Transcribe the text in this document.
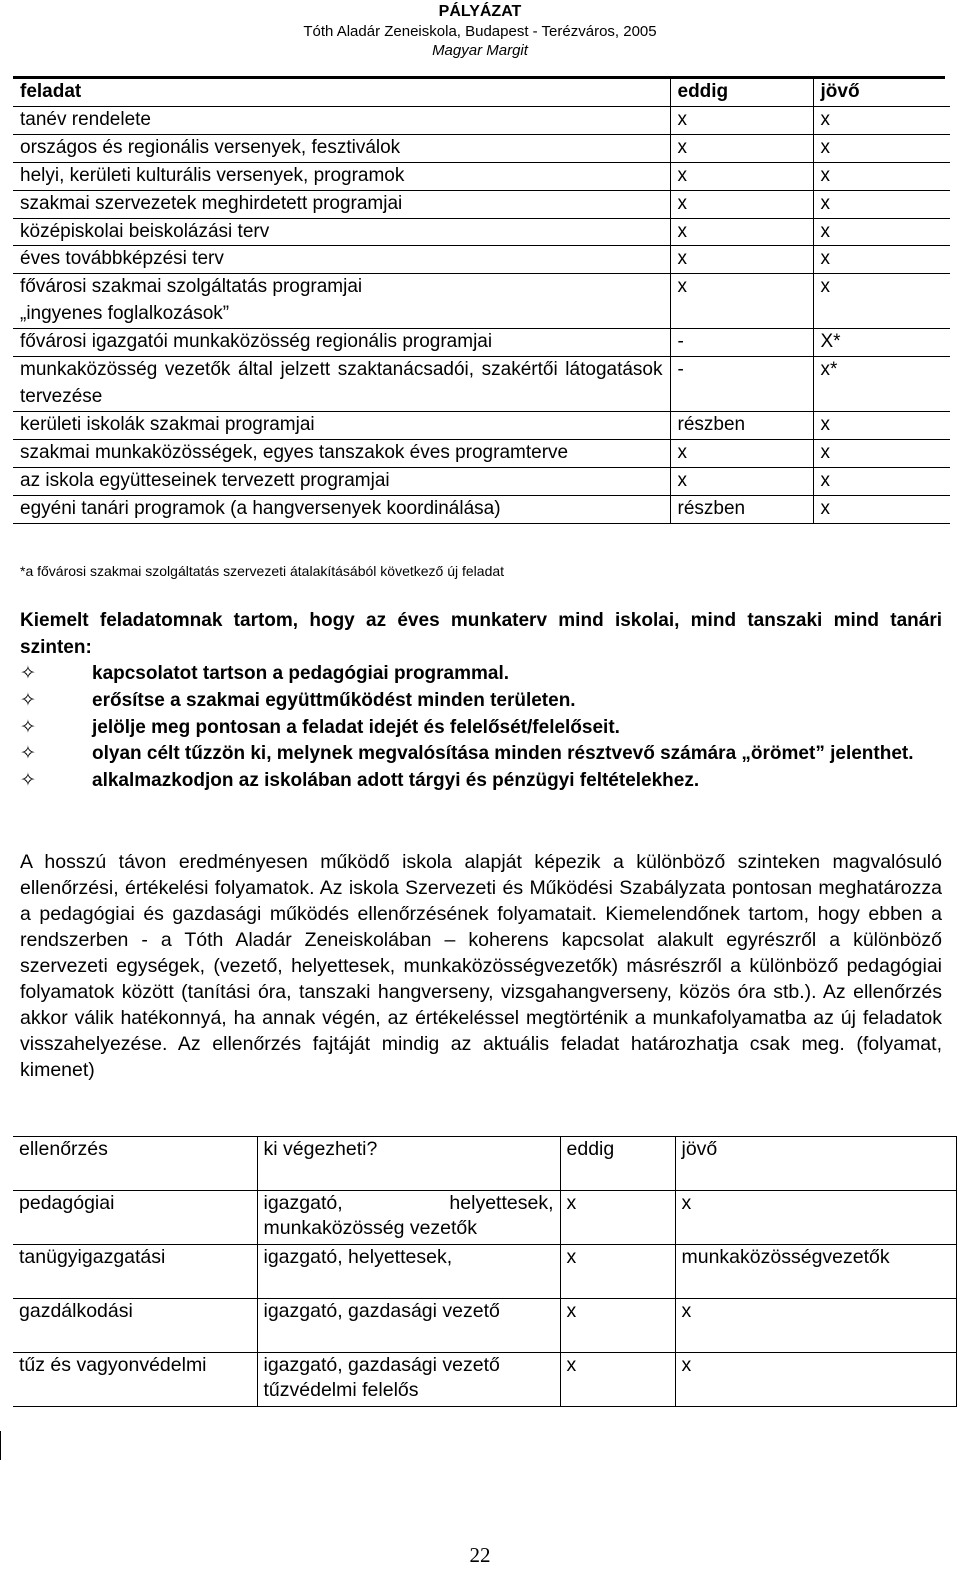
PÁLYÁZAT
Tóth Aladár Zeneiskola, Budapest - Terézváros, 2005
Magyar Margit
feladat	eddig	jövő
tanév rendelete	x	x
országos és regionális versenyek, fesztiválok	x	x
helyi, kerületi kulturális versenyek, programok	x	x
szakmai szervezetek meghirdetett programjai	x	x
középiskolai beiskolázási terv	x	x
éves továbbképzési terv	x	x

fővárosi szakmai szolgáltatás programjai „ingyenes foglalkozások”	x	x
fővárosi igazgatói munkaközösség regionális programjai	-	X*
munkaközösség vezetők által jelzett szaktanácsadói, szakértői látogatások tervezése	-	x*
kerületi iskolák szakmai programjai	részben	x
szakmai munkaközösségek, egyes tanszakok éves programterve	x	x
az iskola együtteseinek tervezett programjai	x	x
egyéni tanári programok (a hangversenyek koordinálása)	részben	x
*a fővárosi szakmai szolgáltatás szervezeti átalakításából következő új feladat
Kiemelt feladatomnak tartom, hogy az éves munkaterv mind iskolai, mind tanszaki mind tanári szinten:
✧	kapcsolatot tartson a pedagógiai programmal.
✧	erősítse a szakmai együttműködést minden területen.
✧	jelölje meg pontosan a feladat idejét és felelősét/felelőseit.
✧	olyan célt tűzzön ki, melynek megvalósítása minden résztvevő számára „örömet” jelenthet.
✧	alkalmazkodjon az iskolában adott tárgyi és pénzügyi feltételekhez.
A hosszú távon eredményesen működő iskola alapját képezik a különböző szinteken magvalósuló ellenőrzési, értékelési folyamatok. Az iskola Szervezeti és Működési Szabályzata pontosan meghatározza a pedagógiai és gazdasági működés ellenőrzésének folyamatait. Kiemelendőnek tartom, hogy ebben a rendszerben - a Tóth Aladár Zeneiskolában – koherens kapcsolat alakult egyrészről a különböző szervezeti egységek, (vezető, helyettesek, munkaközösségvezetők) másrészről a különböző pedagógiai folyamatok között (tanítási óra, tanszaki hangverseny, vizsgahangverseny, közös óra stb.). Az ellenőrzés akkor válik hatékonnyá, ha annak végén, az értékeléssel megtörténik a munkafolyamatba az új feladatok visszahelyezése. Az ellenőrzés fajtáját mindig az aktuális feladat határozhatja csak meg. (folyamat, kimenet)
ellenőrzés	ki végezheti?	eddig	jövő
pedagógiai	igazgató, helyettesek, munkaközösség vezetők	x	x
tanügyigazgatási	igazgató, helyettesek,	x	munkaközösségvezetők
gazdálkodási	igazgató, gazdasági vezető	x	x
tűz és vagyonvédelmi	igazgató, gazdasági vezető tűzvédelmi felelős	x	x
22
